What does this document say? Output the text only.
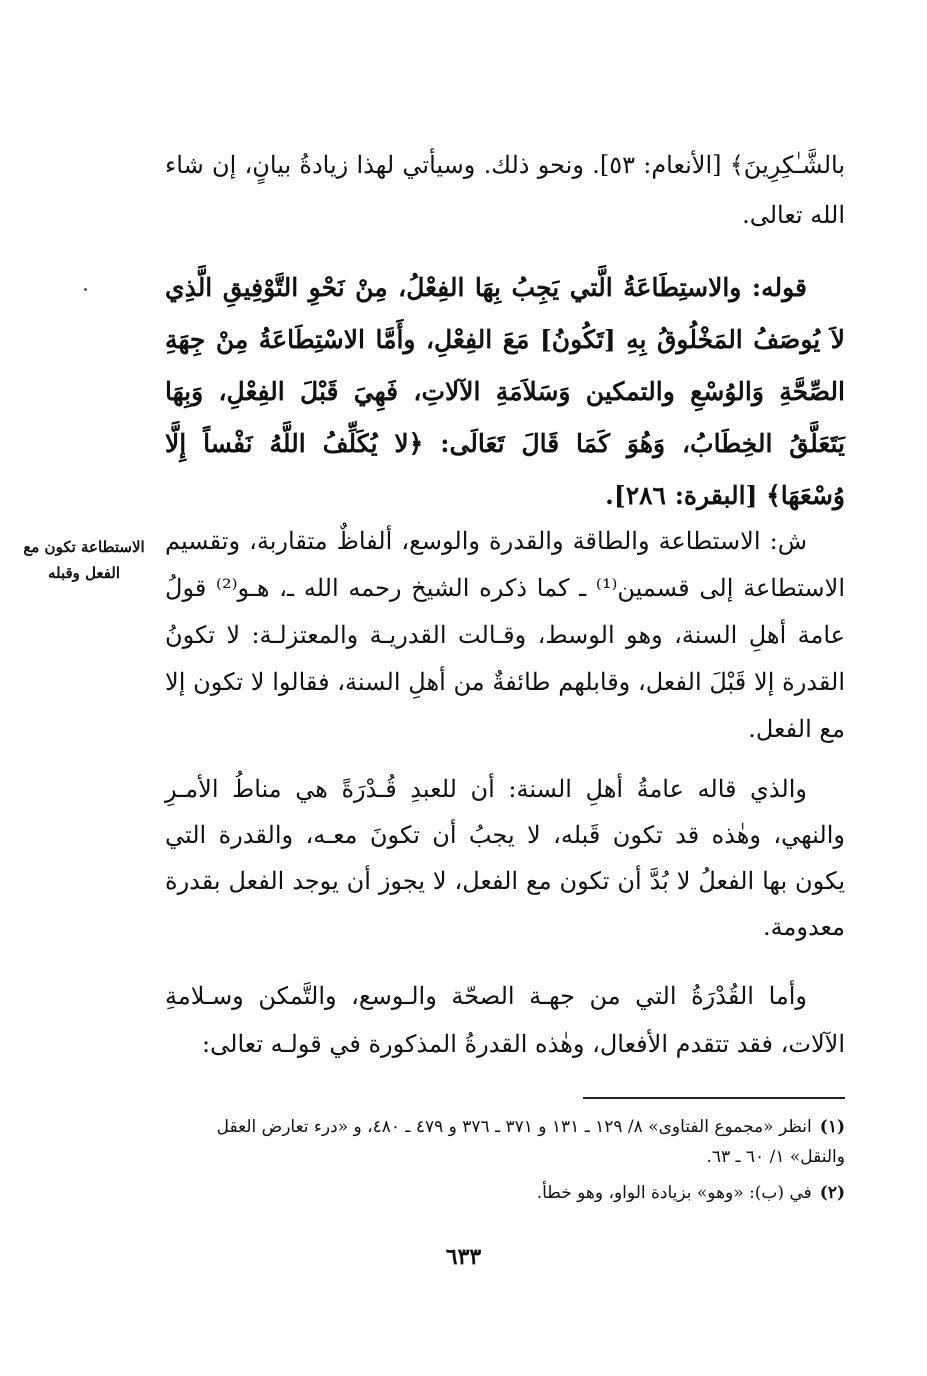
بالشَّـٰكِرِينَ﴾ [الأنعام: ٥٣]. ونحو ذلك. وسيأتي لهذا زيادةُ بيانٍ، إن شاء الله تعالى.

قوله: والاستِطَاعَةُ الَّتي يَجِبُ بِهَا الفِعْلُ، مِنْ نَحْوِ التَّوْفِيقِ الَّذِي لاَ يُوصَفُ المَخْلُوقُ بِهِ [تَكُونُ] مَعَ الفِعْلِ، وأَمَّا الاسْتِطَاعَةُ مِنْ جِهَةِ الصِّحَّةِ وَالوُسْعِ والتمكين وَسَلاَمَةِ الآلاتِ، فَهِيَ قَبْلَ الفِعْلِ، وَبِهَا يَتَعَلَّقُ الخِطَابُ، وَهُوَ كَمَا قَالَ تَعَالَى: ﴿لا يُكَلِّفُ اللَّهُ نَفْساً إِلَّا وُسْعَهَا﴾ [البقرة: ٢٨٦].

الاستطاعة تكون مع الفعل وقبله

ش: الاستطاعة والطاقة والقدرة والوسع، ألفاظٌ متقاربة، وتقسيم الاستطاعة إلى قسمين⁽¹⁾ ـ كما ذكره الشيخ رحمه الله ـ، هـو⁽²⁾ قولُ عامة أهلِ السنة، وهو الوسط، وقـالت القدريـة والمعتزلـة: لا تكونُ القدرة إلا قَبْلَ الفعل، وقابلهم طائفةٌ من أهلِ السنة، فقالوا لا تكون إلا مع الفعل.

والذي قاله عامةُ أهلِ السنة: أن للعبدِ قُـدْرَةً هي مناطُ الأمـرِ والنهي، وهٰذه قد تكون قَبله، لا يجبُ أن تكونَ معـه، والقدرة التي يكون بها الفعلُ لا بُدَّ أن تكون مع الفعل، لا يجوز أن يوجد الفعل بقدرة معدومة.

وأما القُدْرَةُ التي من جهـة الصحّة والـوسع، والتَّمكن وسـلامةِ الآلات، فقد تتقدم الأفعال، وهٰذه القدرةُ المذكورة في قولـه تعالى:

(١)انظر «مجموع الفتاوى» ٨/ ١٢٩ ـ ١٣١ و ٣٧١ ـ ٣٧٦ و ٤٧٩ ـ ٤٨٠، و «درء تعارض العقل والنقل» ١/ ٦٠ ـ ٦٣.

(٢)في (ب): «وهو» بزيادة الواو، وهو خطأ.

٦٣٣
